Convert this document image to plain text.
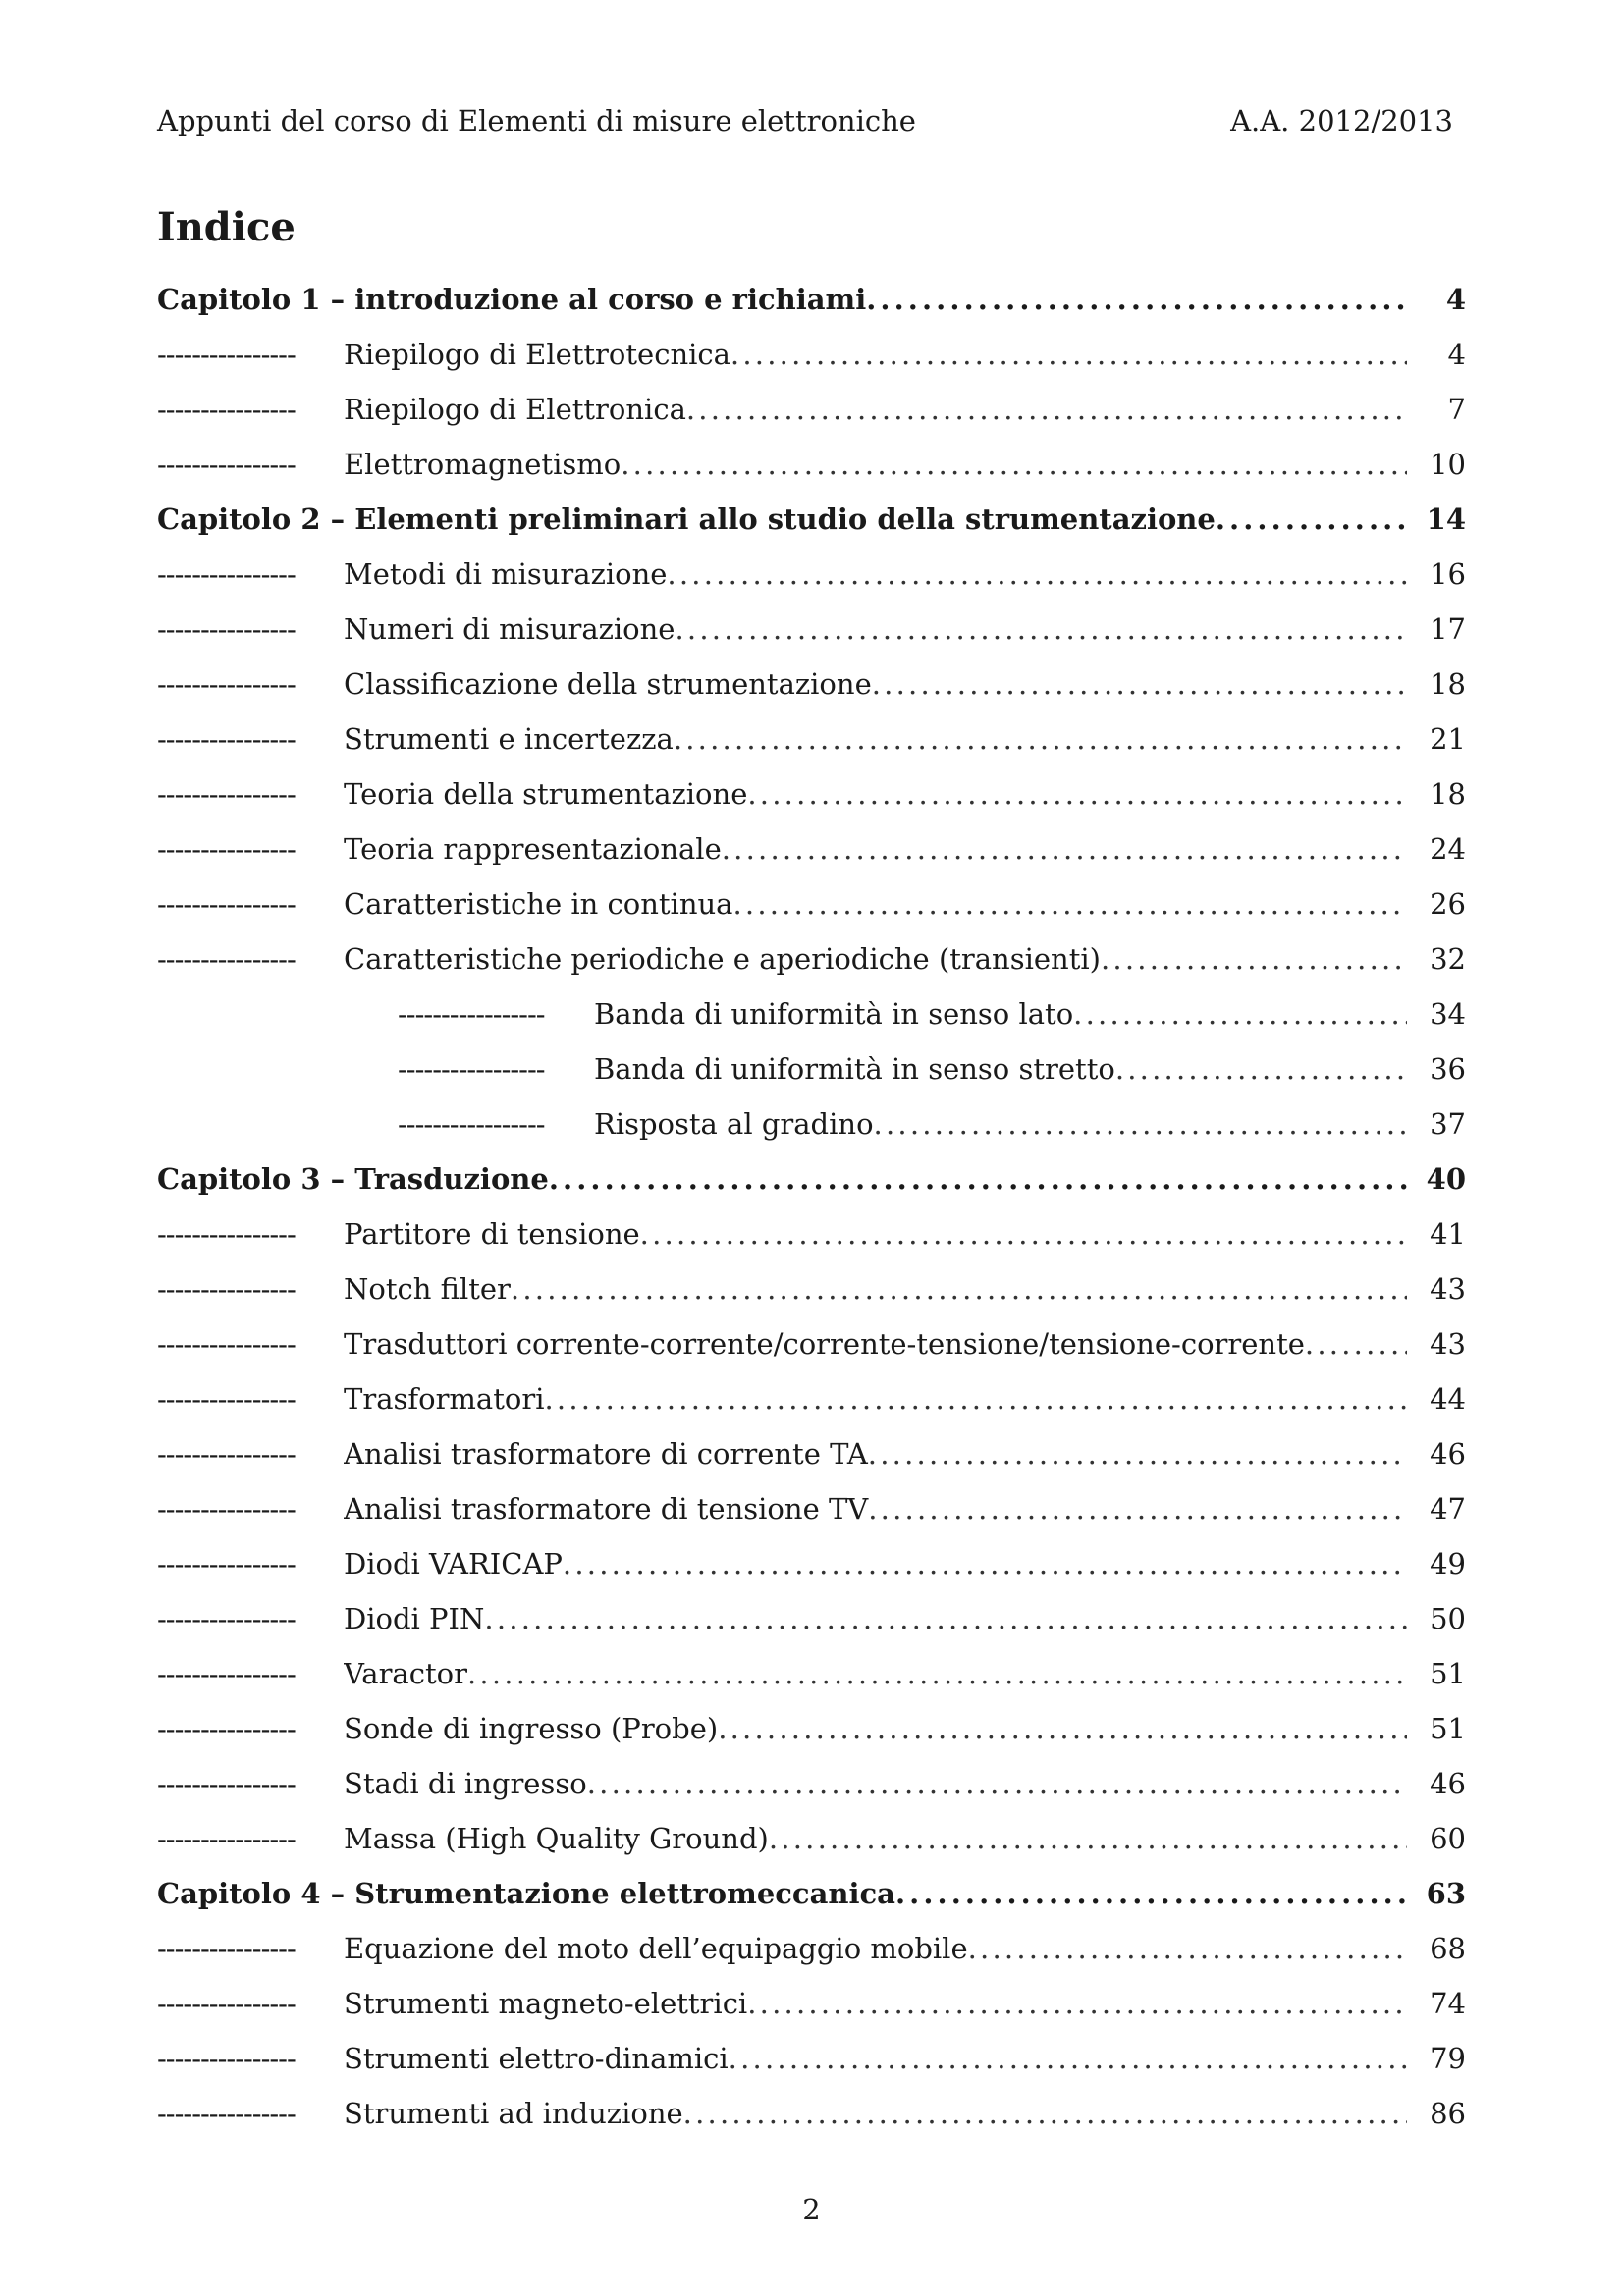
Appunti del corso di Elementi di misure elettroniche	A.A. 2012/2013
Indice
Capitolo 1 – introduzione al corso e richiami . . .	4
---------------- Riepilogo di Elettrotecnica . . .	4
---------------- Riepilogo di Elettronica . . .	7
---------------- Elettromagnetismo . . .	10
Capitolo 2 – Elementi preliminari allo studio della strumentazione . . .	14
---------------- Metodi di misurazione . . .	16
---------------- Numeri di misurazione . . .	17
---------------- Classificazione della strumentazione . . .	18
---------------- Strumenti e incertezza . . .	21
---------------- Teoria della strumentazione . . .	18
---------------- Teoria rappresentazionale . . .	24
---------------- Caratteristiche in continua . . .	26
---------------- Caratteristiche periodiche e aperiodiche (transienti) . . .	32
----------------- Banda di uniformità in senso lato . . .	34
----------------- Banda di uniformità in senso stretto . . .	36
----------------- Risposta al gradino . . .	37
Capitolo 3 – Trasduzione . . .	40
---------------- Partitore di tensione . . .	41
---------------- Notch filter . . .	43
---------------- Trasduttori corrente-corrente/corrente-tensione/tensione-corrente . . .	43
---------------- Trasformatori . . .	44
---------------- Analisi trasformatore di corrente TA . . .	46
---------------- Analisi trasformatore di tensione TV . . .	47
---------------- Diodi VARICAP . . .	49
---------------- Diodi PIN . . .	50
---------------- Varactor . . .	51
---------------- Sonde di ingresso (Probe) . . .	51
---------------- Stadi di ingresso . . .	46
---------------- Massa (High Quality Ground) . . .	60
Capitolo 4 – Strumentazione elettromeccanica . . .	63
---------------- Equazione del moto dell’equipaggio mobile . . .	68
---------------- Strumenti magneto-elettrici . . .	74
---------------- Strumenti elettro-dinamici . . .	79
---------------- Strumenti ad induzione . . .	86
2
